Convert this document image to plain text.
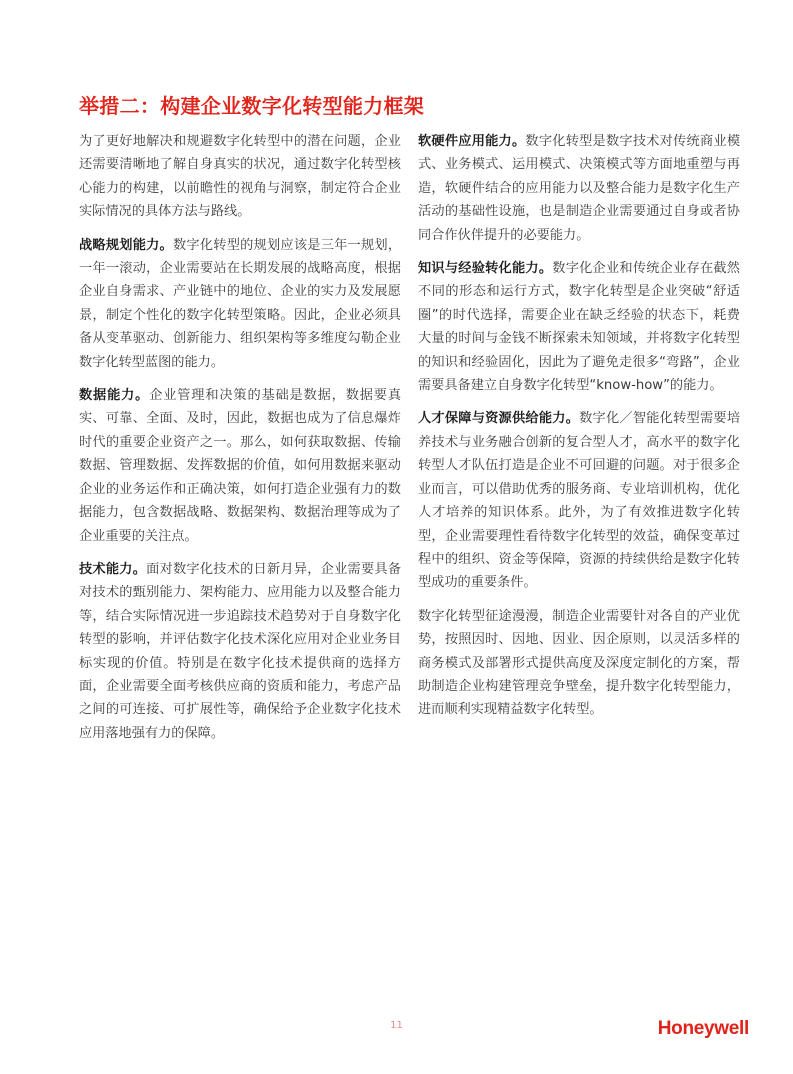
举措二：构建企业数字化转型能力框架

为了更好地解决和规避数字化转型中的潜在问题，企业还需要清晰地了解自身真实的状况，通过数字化转型核心能力的构建，以前瞻性的视角与洞察，制定符合企业实际情况的具体方法与路线。

战略规划能力。数字化转型的规划应该是三年一规划，一年一滚动，企业需要站在长期发展的战略高度，根据企业自身需求、产业链中的地位、企业的实力及发展愿景，制定个性化的数字化转型策略。因此，企业必须具备从变革驱动、创新能力、组织架构等多维度勾勒企业数字化转型蓝图的能力。

数据能力。企业管理和决策的基础是数据，数据要真实、可靠、全面、及时，因此，数据也成为了信息爆炸时代的重要企业资产之一。那么，如何获取数据、传输数据、管理数据、发挥数据的价值，如何用数据来驱动企业的业务运作和正确决策，如何打造企业强有力的数据能力，包含数据战略、数据架构、数据治理等成为了企业重要的关注点。

技术能力。面对数字化技术的日新月异，企业需要具备对技术的甄别能力、架构能力、应用能力以及整合能力等，结合实际情况进一步追踪技术趋势对于自身数字化转型的影响，并评估数字化技术深化应用对企业业务目标实现的价值。特别是在数字化技术提供商的选择方面，企业需要全面考核供应商的资质和能力，考虑产品之间的可连接、可扩展性等，确保给予企业数字化技术应用落地强有力的保障。

软硬件应用能力。数字化转型是数字技术对传统商业模式、业务模式、运用模式、决策模式等方面地重塑与再造，软硬件结合的应用能力以及整合能力是数字化生产活动的基础性设施，也是制造企业需要通过自身或者协同合作伙伴提升的必要能力。

知识与经验转化能力。数字化企业和传统企业存在截然不同的形态和运行方式，数字化转型是企业突破“舒适圈”的时代选择，需要企业在缺乏经验的状态下，耗费大量的时间与金钱不断探索未知领域，并将数字化转型的知识和经验固化，因此为了避免走很多“弯路”，企业需要具备建立自身数字化转型“know-how”的能力。

人才保障与资源供给能力。数字化／智能化转型需要培养技术与业务融合创新的复合型人才，高水平的数字化转型人才队伍打造是企业不可回避的问题。对于很多企业而言，可以借助优秀的服务商、专业培训机构，优化人才培养的知识体系。此外，为了有效推进数字化转型，企业需要理性看待数字化转型的效益，确保变革过程中的组织、资金等保障，资源的持续供给是数字化转型成功的重要条件。

数字化转型征途漫漫，制造企业需要针对各自的产业优势，按照因时、因地、因业、因企原则，以灵活多样的商务模式及部署形式提供高度及深度定制化的方案，帮助制造企业构建管理竞争壁垒，提升数字化转型能力，进而顺利实现精益数字化转型。

11	Honeywell
